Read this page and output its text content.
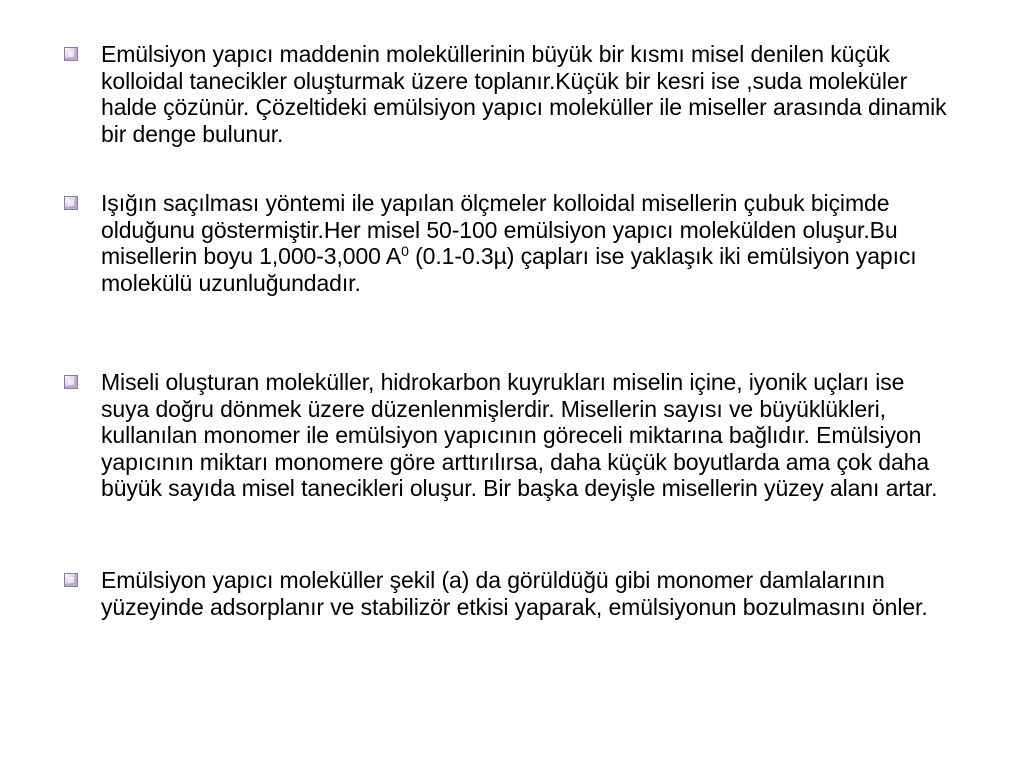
Emülsiyon yapıcı maddenin moleküllerinin büyük bir kısmı misel denilen küçük kolloidal tanecikler oluşturmak üzere toplanır.Küçük bir kesri ise ,suda moleküler halde çözünür. Çözeltideki emülsiyon yapıcı moleküller ile miseller arasında dinamik bir denge bulunur.

Işığın saçılması yöntemi ile yapılan ölçmeler kolloidal misellerin çubuk biçimde olduğunu göstermiştir.Her misel 50-100 emülsiyon yapıcı molekülden oluşur.Bu misellerin boyu 1,000-3,000 $A^0$ (0.1-0.3µ) çapları ise yaklaşık iki emülsiyon yapıcı molekülü uzunluğundadır.

Miseli oluşturan moleküller, hidrokarbon kuyrukları miselin içine, iyonik uçları ise suya doğru dönmek üzere düzenlenmişlerdir. Misellerin sayısı ve büyüklükleri, kullanılan monomer ile emülsiyon yapıcının göreceli miktarına bağlıdır. Emülsiyon yapıcının miktarı monomere göre arttırılırsa, daha küçük boyutlarda ama çok daha büyük sayıda misel tanecikleri oluşur. Bir başka deyişle misellerin yüzey alanı artar.

Emülsiyon yapıcı moleküller şekil (a) da görüldüğü gibi monomer damlalarının yüzeyinde adsorplanır ve stabilizör etkisi yaparak, emülsiyonun bozulmasını önler.
